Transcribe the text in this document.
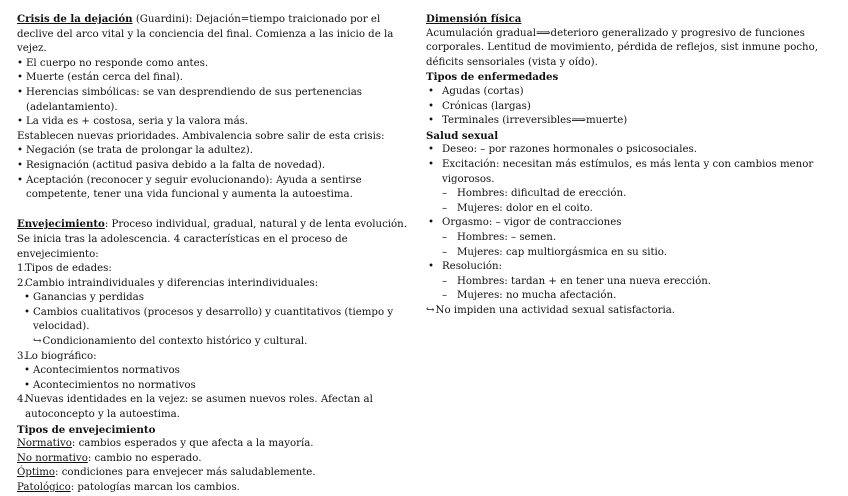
Crisis de la dejación (Guardini): Dejación=tiempo traicionado por el declive del arco vital y la conciencia del final. Comienza a las inicio de la vejez.

• El cuerpo no responde como antes.
• Muerte (están cerca del final).
• Herencias simbólicas: se van desprendiendo de sus pertenencias (adelantamiento).
• La vida es + costosa, seria y la valora más.

Establecen nuevas prioridades. Ambivalencia sobre salir de esta crisis:

• Negación (se trata de prolongar la adultez).
• Resignación (actitud pasiva debido a la falta de novedad).
• Aceptación (reconocer y seguir evolucionando): Ayuda a sentirse competente, tener una vida funcional y aumenta la autoestima.

Envejecimiento: Proceso individual, gradual, natural y de lenta evolución. Se inicia tras la adolescencia. 4 características en el proceso de envejecimiento:

1.
Tipos de edades:
2.
Cambio intraindividuales y diferencias interindividuales:
• Ganancias y perdidas
• Cambios cualitativos (procesos y desarrollo) y cuantitativos (tiempo y velocidad).
↪Condicionamiento del contexto histórico y cultural.
3.
Lo biográfico:
• Acontecimientos normativos
• Acontecimientos no normativos
4.
Nuevas identidades en la vejez: se asumen nuevos roles. Afectan al autoconcepto y la autoestima.

Tipos de envejecimiento

Normativo: cambios esperados y que afecta a la mayoría.

No normativo: cambio no esperado.

Óptimo: condiciones para envejecer más saludablemente.

Patológico: patologías marcan los cambios.

Dimensión física

Acumulación gradual⟹deterioro generalizado y progresivo de funciones corporales. Lentitud de movimiento, pérdida de reflejos, sist inmune pocho, déficits sensoriales (vista y oído).

Tipos de enfermedades

• Agudas (cortas)
• Crónicas (largas)
• Terminales (irreversibles⟹muerte)

Salud sexual

• Deseo: – por razones hormonales o psicosociales.
• Excitación: necesitan más estímulos, es más lenta y con cambios menor vigorosos.
– Hombres: dificultad de erección.
– Mujeres: dolor en el coito.
• Orgasmo: – vigor de contracciones
– Hombres: – semen.
– Mujeres: cap multiorgásmica en su sitio.
• Resolución:
– Hombres: tardan + en tener una nueva erección.
– Mujeres: no mucha afectación.

↪No impiden una actividad sexual satisfactoria.
